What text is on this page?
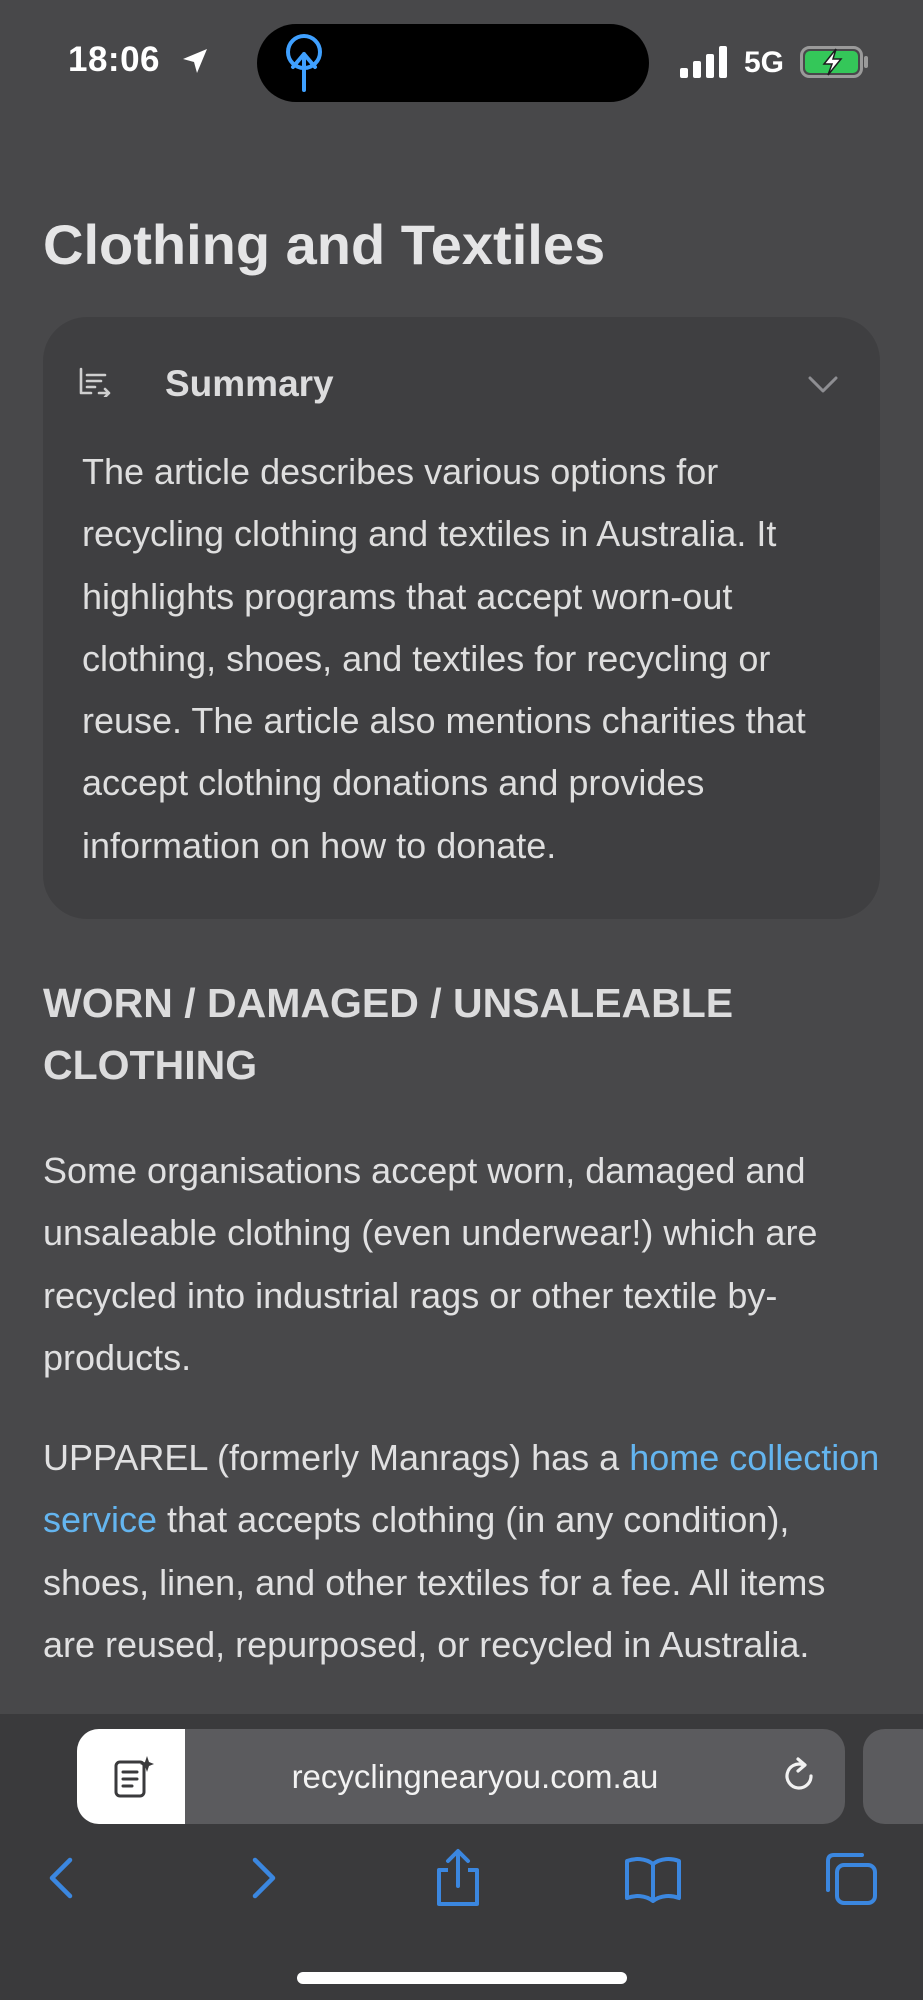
18:06	5G
Clothing and Textiles
Summary
The article describes various options for recycling clothing and textiles in Australia. It highlights programs that accept worn-out clothing, shoes, and textiles for recycling or reuse. The article also mentions charities that accept clothing donations and provides information on how to donate.
WORN / DAMAGED / UNSALEABLE CLOTHING
Some organisations accept worn, damaged and unsaleable clothing (even underwear!) which are recycled into industrial rags or other textile by-products.
UPPAREL (formerly Manrags) has a home collection service that accepts clothing (in any condition), shoes, linen, and other textiles for a fee. All items are reused, repurposed, or recycled in Australia.
recyclingnearyou.com.au
